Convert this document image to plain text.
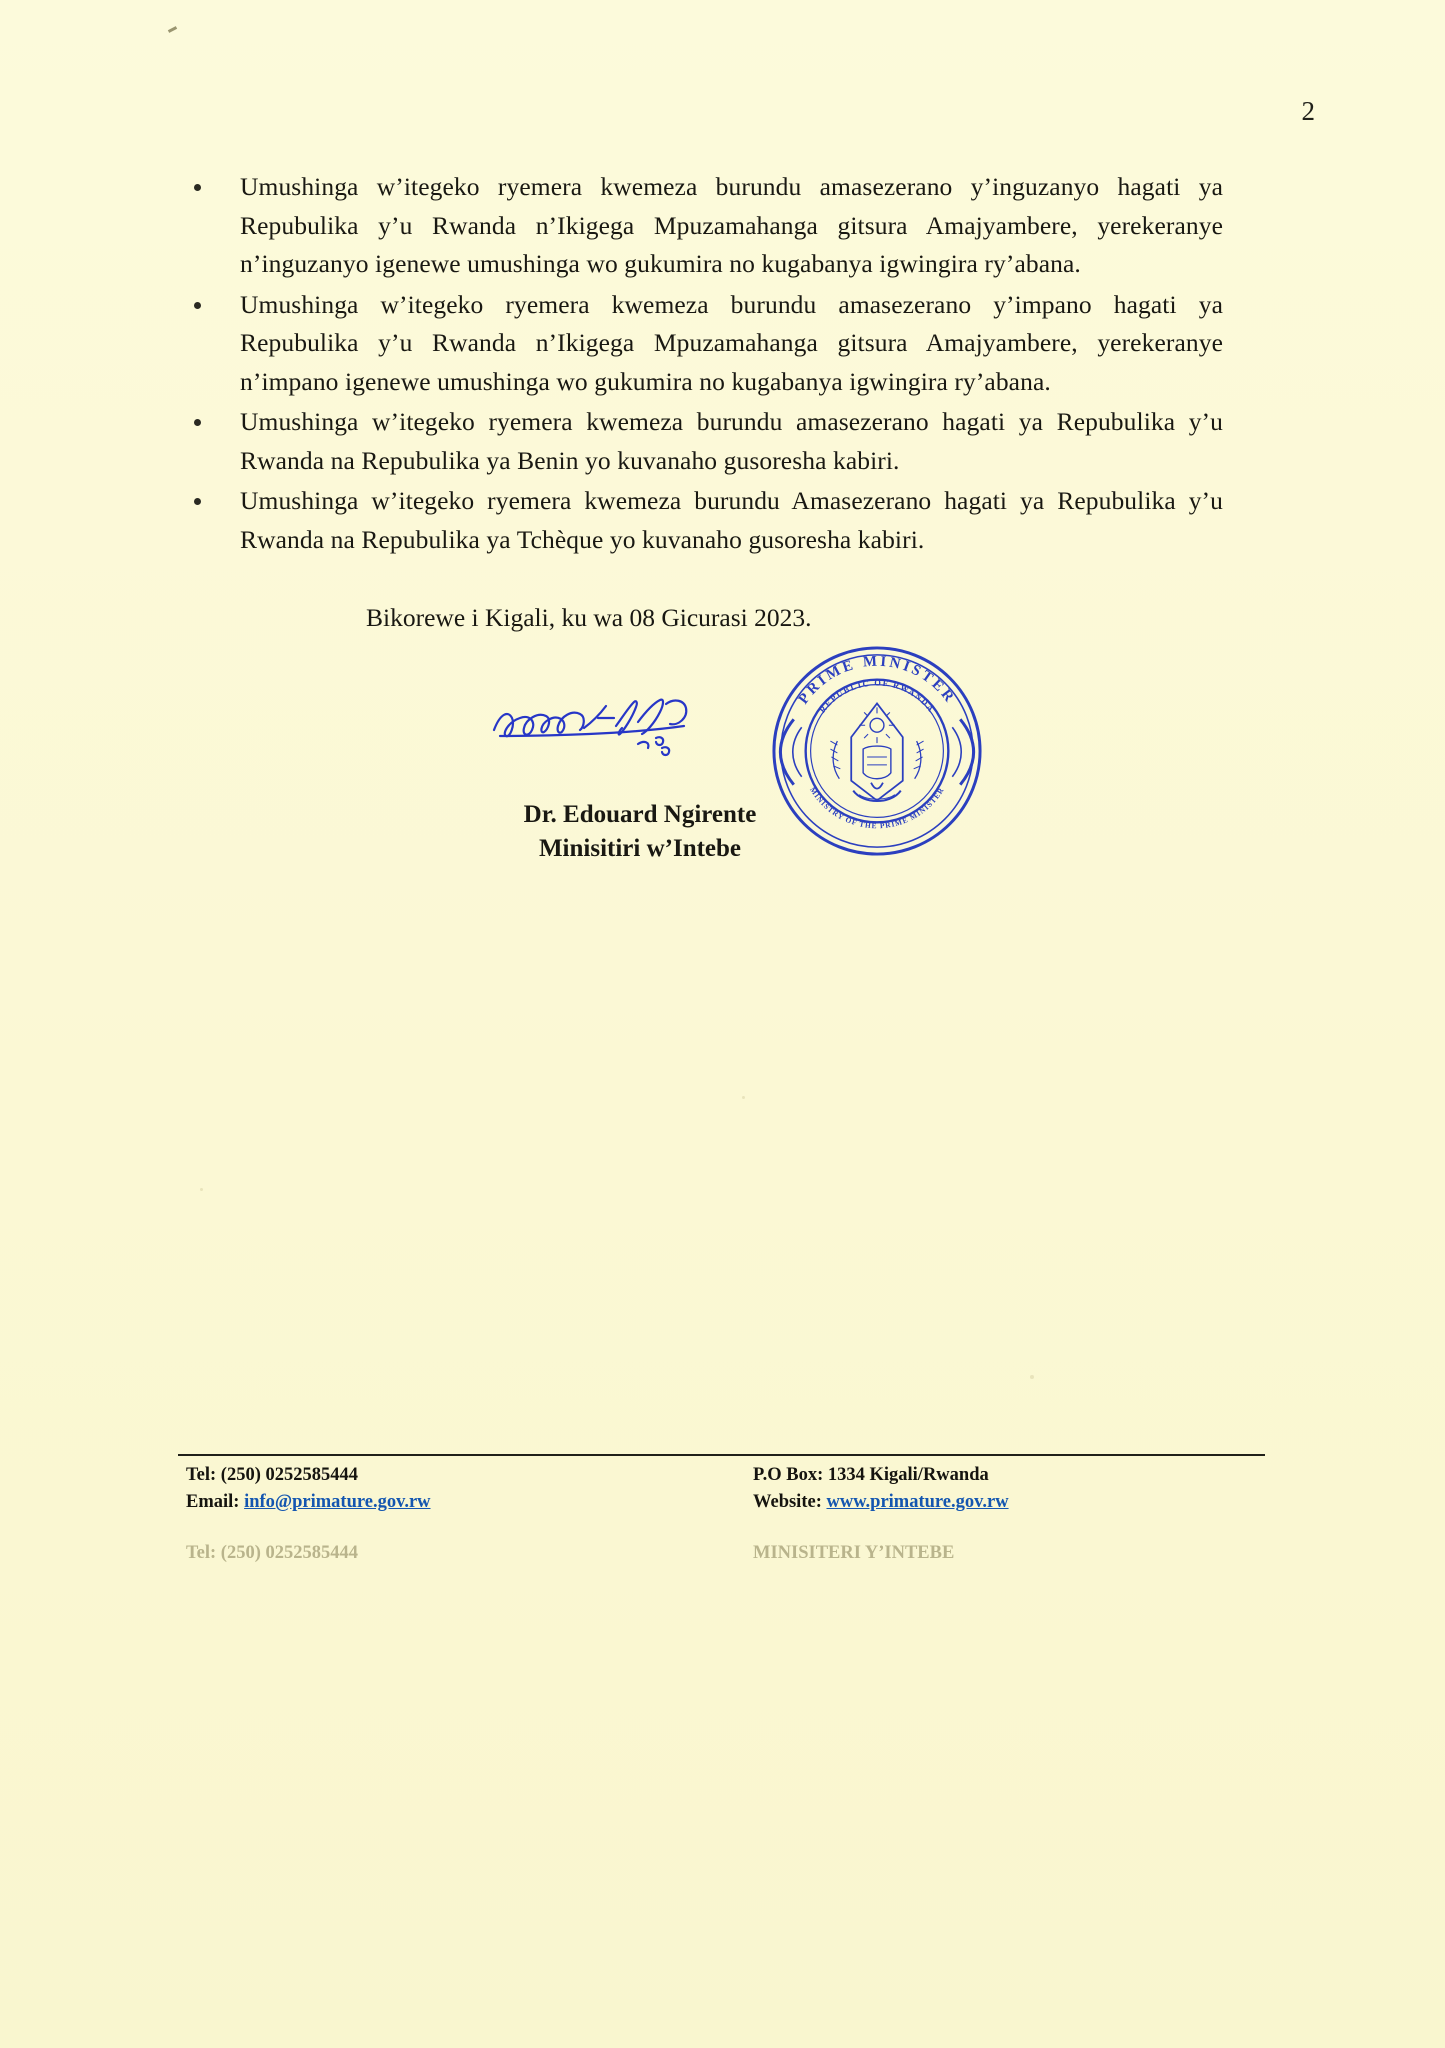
2
Umushinga w’itegeko ryemera kwemeza burundu amasezerano y’inguzanyo hagati ya Repubulika y’u Rwanda n’Ikigega Mpuzamahanga gitsura Amajyambere, yerekeranye n’inguzanyo igenewe umushinga wo gukumira no kugabanya igwingira ry’abana.
Umushinga w’itegeko ryemera kwemeza burundu amasezerano y’impano hagati ya Repubulika y’u Rwanda n’Ikigega Mpuzamahanga gitsura Amajyambere, yerekeranye n’impano igenewe umushinga wo gukumira no kugabanya igwingira ry’abana.
Umushinga w’itegeko ryemera kwemeza burundu amasezerano hagati ya Repubulika y’u Rwanda na Repubulika ya Benin yo kuvanaho gusoresha kabiri.
Umushinga w’itegeko ryemera kwemeza burundu Amasezerano hagati ya Repubulika y’u Rwanda na Repubulika ya Tchèque yo kuvanaho gusoresha kabiri.
Bikorewe i Kigali, ku wa 08 Gicurasi 2023.
PRIME MINISTER
REPUBLIC OF RWANDA
MINISTRY OF THE PRIME MINISTER
Dr. Edouard Ngirente
Minisitiri w’Intebe
Tel: (250) 0252585444
Email: info@primature.gov.rw
P.O Box: 1334 Kigali/Rwanda
Website: www.primature.gov.rw
Tel: (250) 0252585444	MINISITERI Y’INTEBE
